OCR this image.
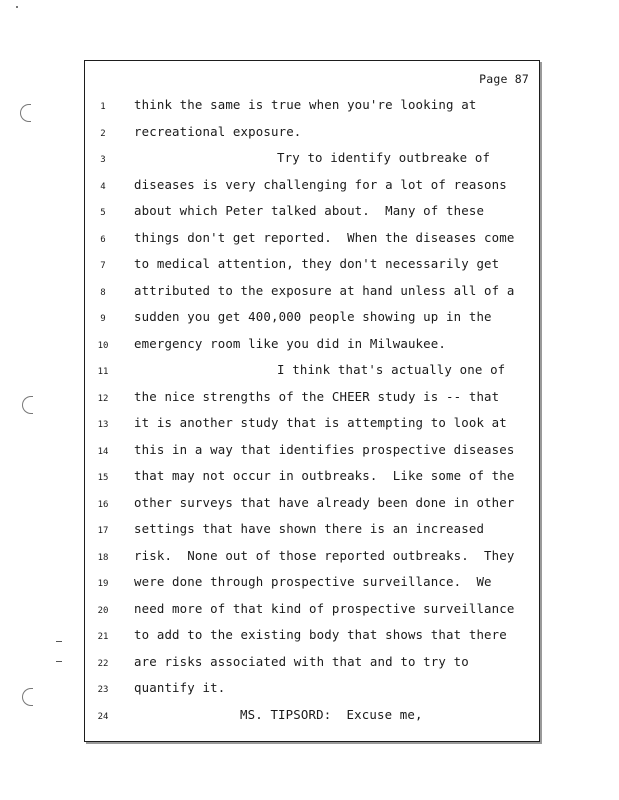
Page 87
1	think the same is true when you're looking at
2	recreational exposure.
3	Try to identify outbreake of
4	diseases is very challenging for a lot of reasons
5	about which Peter talked about.  Many of these
6	things don't get reported.  When the diseases come
7	to medical attention, they don't necessarily get
8	attributed to the exposure at hand unless all of a
9	sudden you get 400,000 people showing up in the
10	emergency room like you did in Milwaukee.
11	I think that's actually one of
12	the nice strengths of the CHEER study is -- that
13	it is another study that is attempting to look at
14	this in a way that identifies prospective diseases
15	that may not occur in outbreaks.  Like some of the
16	other surveys that have already been done in other
17	settings that have shown there is an increased
18	risk.  None out of those reported outbreaks.  They
19	were done through prospective surveillance.  We
20	need more of that kind of prospective surveillance
21	to add to the existing body that shows that there
22	are risks associated with that and to try to
23	quantify it.
24	MS. TIPSORD:  Excuse me,
